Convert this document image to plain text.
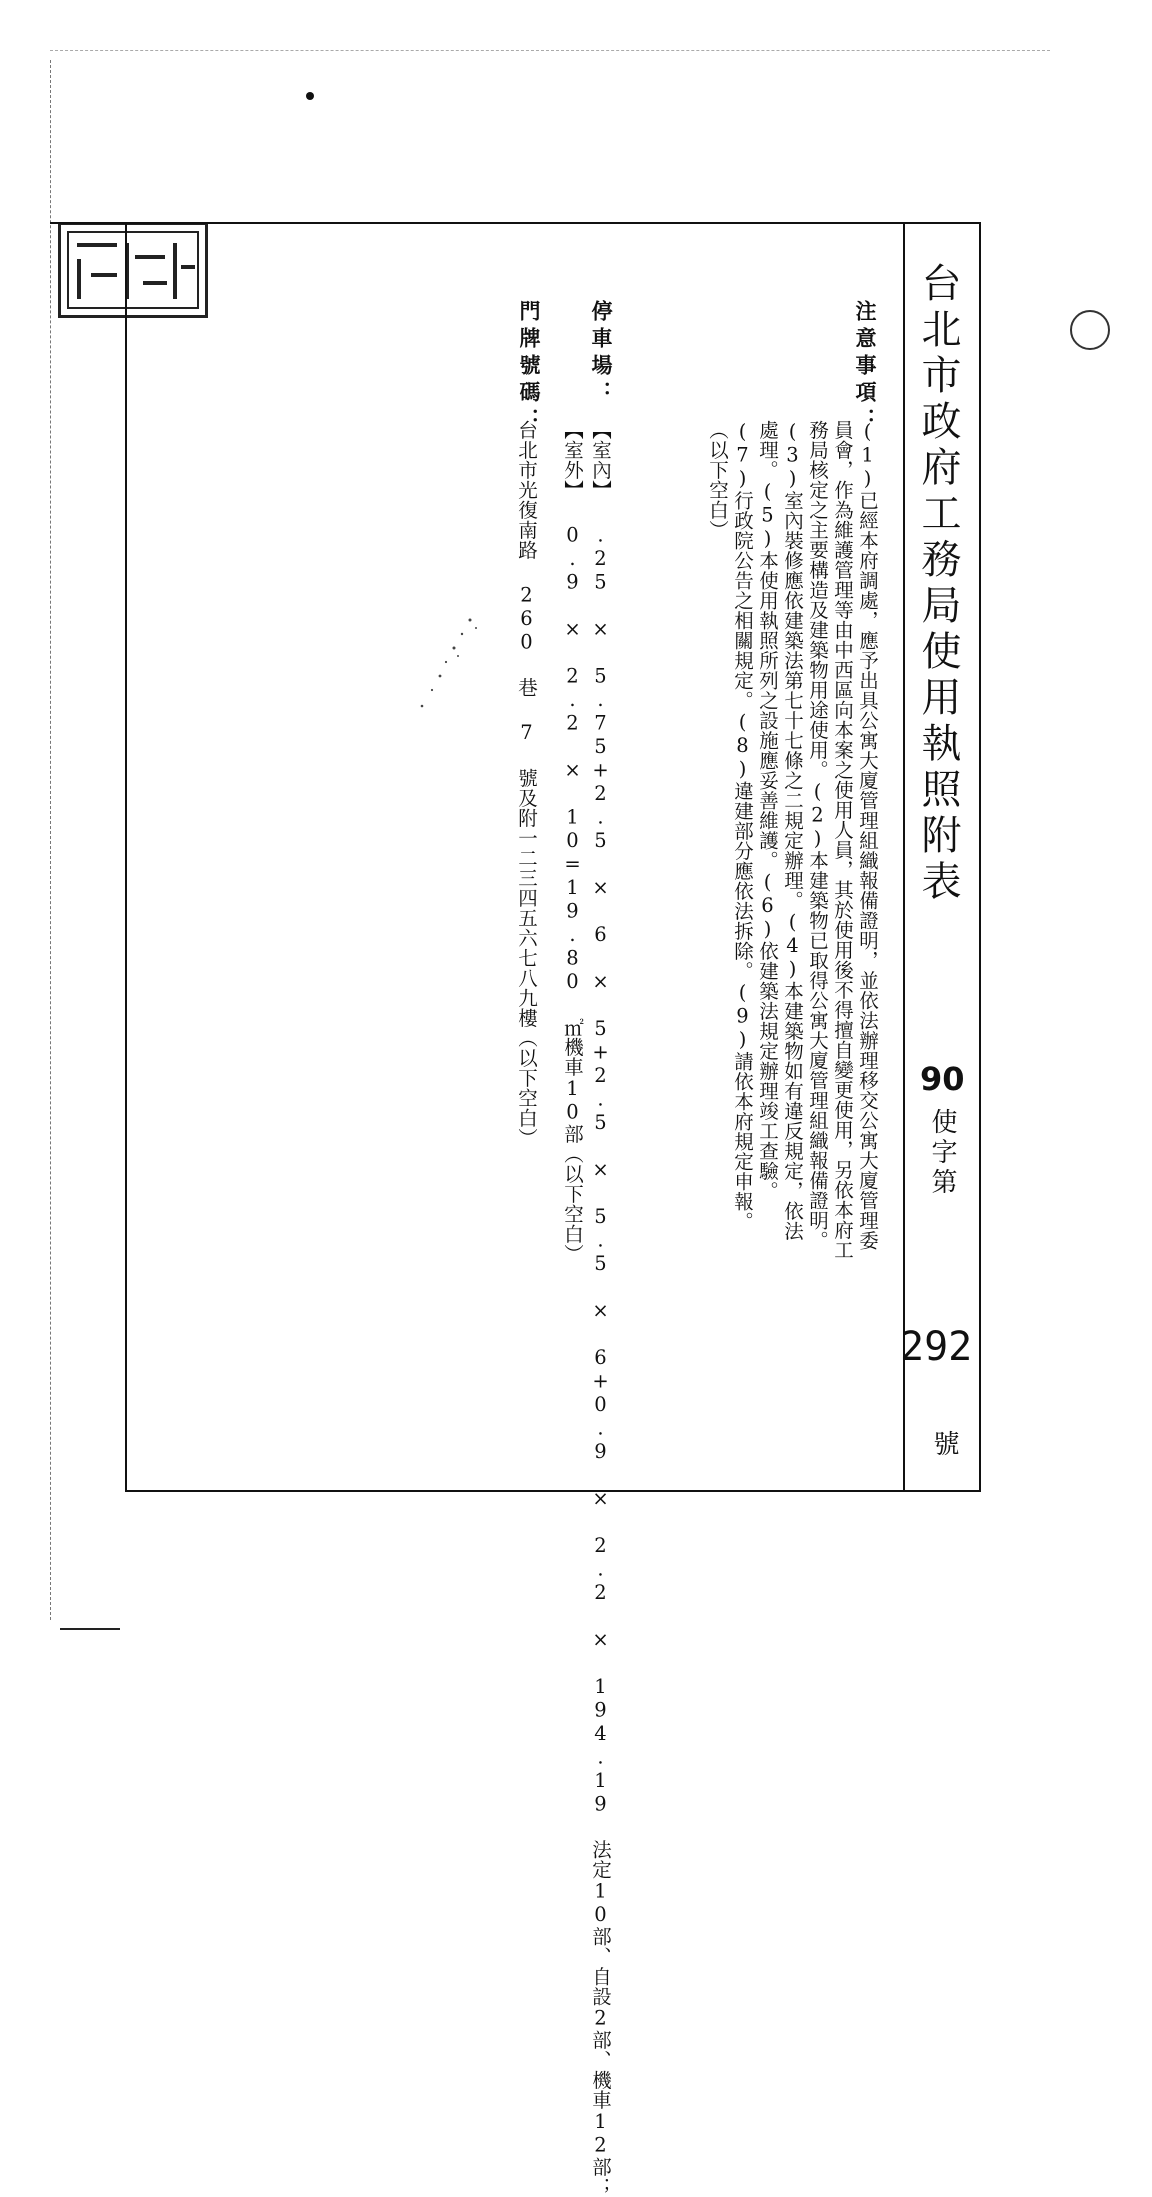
台北市政府工務局使用執照附表
90
使字第
292
號
注意事項：
(1)已經本府調處，應予出具公寓大廈管理組織報備證明，並依法辦理移交公寓大廈管理委員會，作為維護管理等由中西區向本案之使用人員，其於使用後不得擅自變更使用，另依本府工務局核定之主要構造及建築物用途使用。(2)本建築物已取得公寓大廈管理組織報備證明。(3)室內裝修應依建築法第七十七條之二規定辦理。(4)本建築物如有違反規定，依法處理。(5)本使用執照所列之設施應妥善維護。(6)依建築法規定辦理竣工查驗。(7)行政院公告之相關規定。(8)違建部分應依法拆除。(9)請依本府規定申報。（以下空白）
停車場：
【室內】 .25 × 5.75+2.5 × 6 × 5+2.5 × 5.5 × 6+0.9 × 2.2 × 194.19 法定10部、自設2部、機車12部；
【室外】 0.9 × 2.2 × 10=19.80 ㎡機車10部（以下空白）
門牌號碼：
台北市光復南路 260 巷 7 號及附一二三四五六七八九樓（以下空白）
